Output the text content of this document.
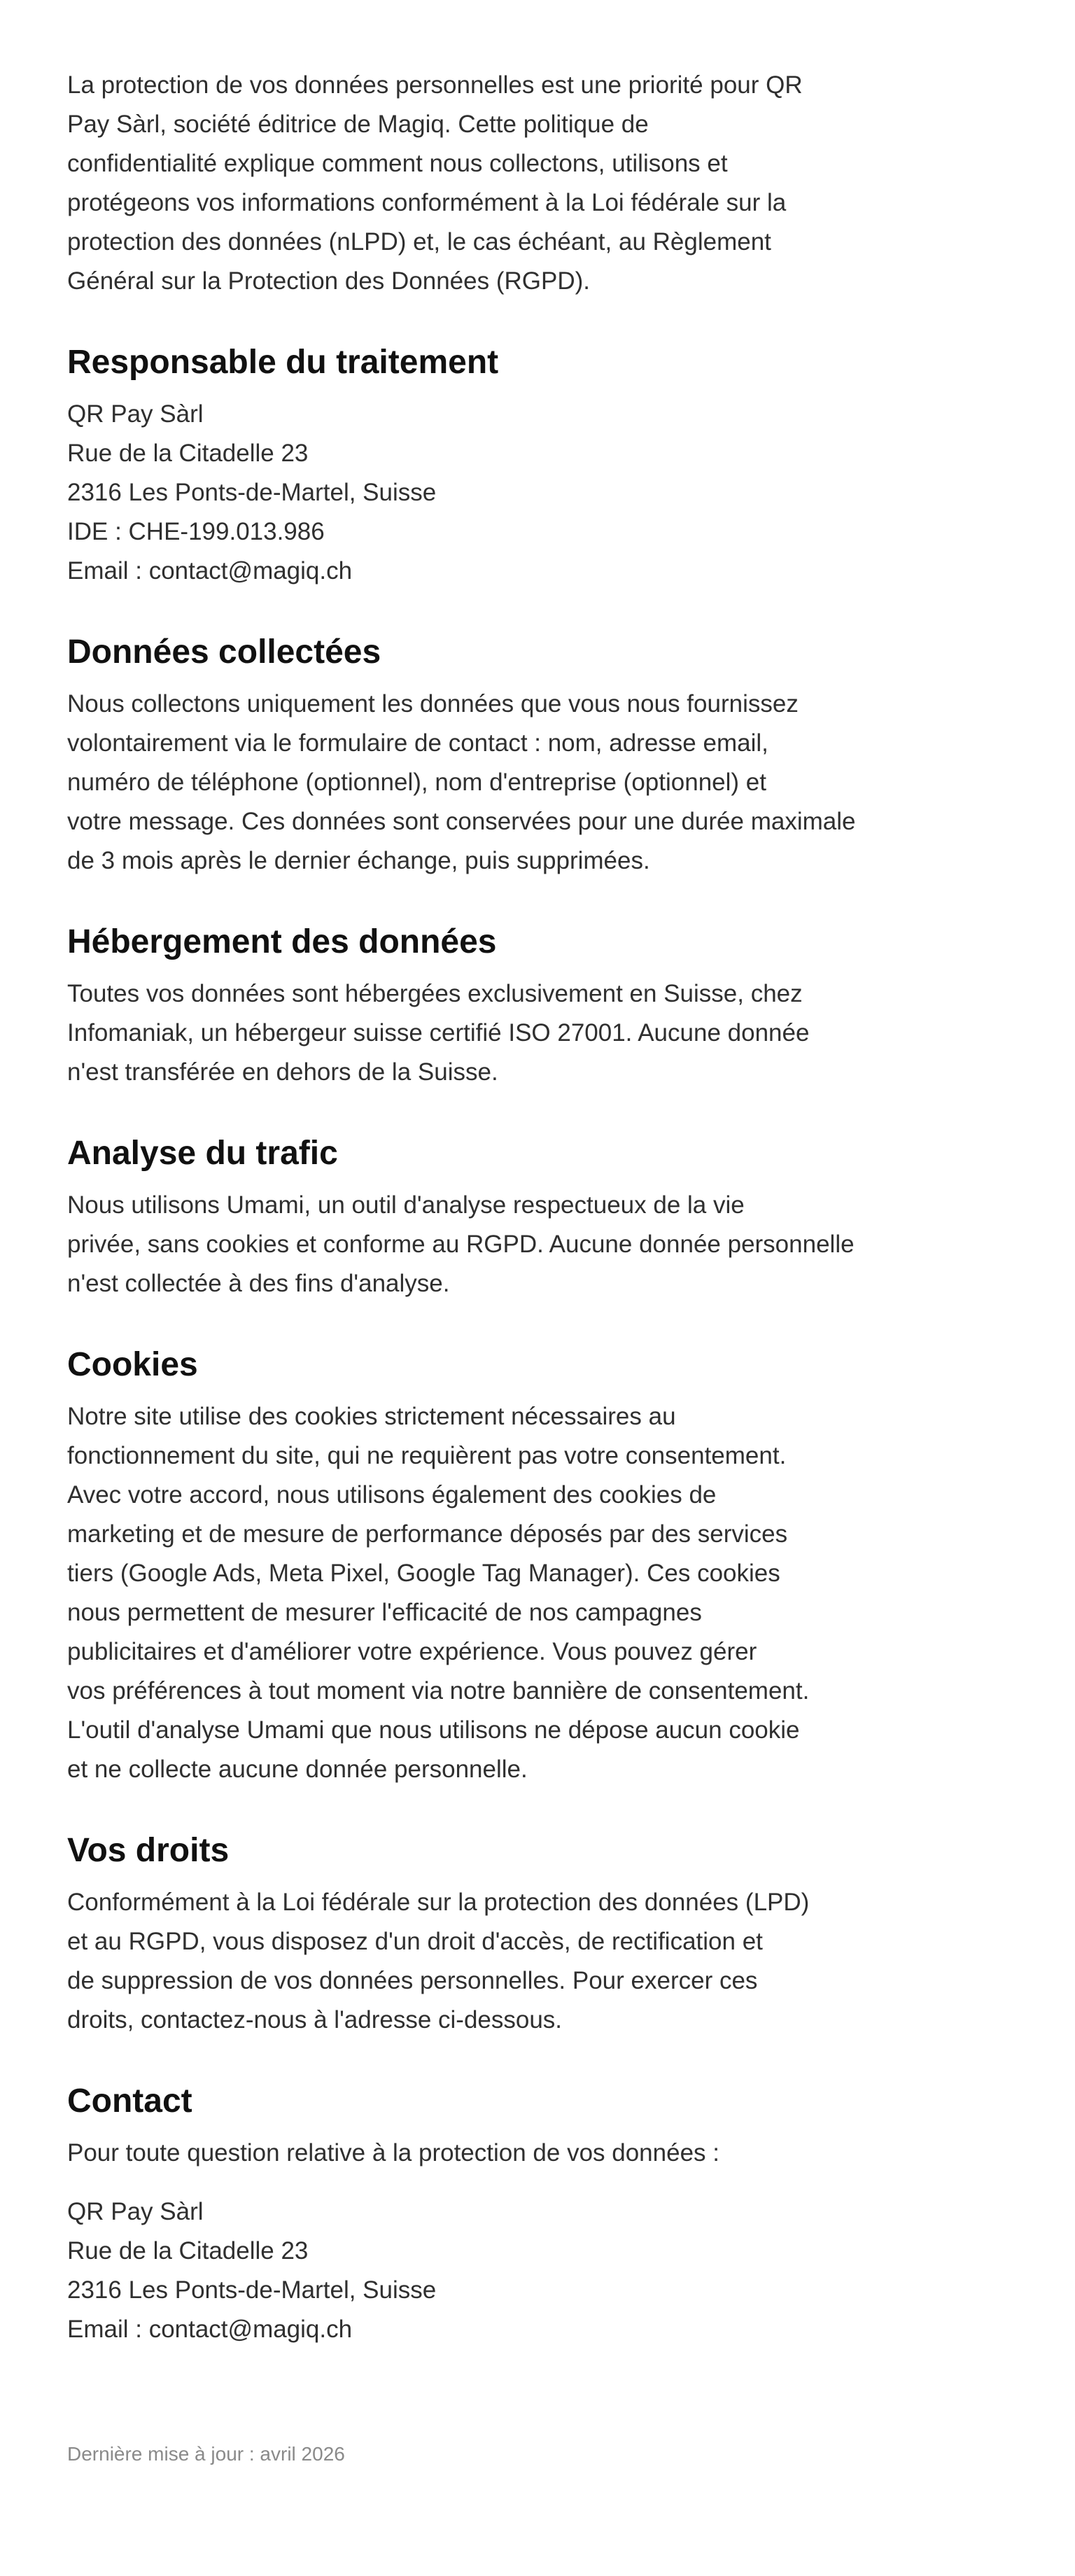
La protection de vos données personnelles est une priorité pour QR
Pay Sàrl, société éditrice de Magiq. Cette politique de
confidentialité explique comment nous collectons, utilisons et
protégeons vos informations conformément à la Loi fédérale sur la
protection des données (nLPD) et, le cas échéant, au Règlement
Général sur la Protection des Données (RGPD).

Responsable du traitement
QR Pay Sàrl
Rue de la Citadelle 23
2316 Les Ponts-de-Martel, Suisse
IDE : CHE-199.013.986
Email : contact@magiq.ch
Données collectées

Nous collectons uniquement les données que vous nous fournissez
volontairement via le formulaire de contact : nom, adresse email,
numéro de téléphone (optionnel), nom d'entreprise (optionnel) et
votre message. Ces données sont conservées pour une durée maximale
de 3 mois après le dernier échange, puis supprimées.

Hébergement des données

Toutes vos données sont hébergées exclusivement en Suisse, chez
Infomaniak, un hébergeur suisse certifié ISO 27001. Aucune donnée
n'est transférée en dehors de la Suisse.

Analyse du trafic

Nous utilisons Umami, un outil d'analyse respectueux de la vie
privée, sans cookies et conforme au RGPD. Aucune donnée personnelle
n'est collectée à des fins d'analyse.

Cookies

Notre site utilise des cookies strictement nécessaires au
fonctionnement du site, qui ne requièrent pas votre consentement.
Avec votre accord, nous utilisons également des cookies de
marketing et de mesure de performance déposés par des services
tiers (Google Ads, Meta Pixel, Google Tag Manager). Ces cookies
nous permettent de mesurer l'efficacité de nos campagnes
publicitaires et d'améliorer votre expérience. Vous pouvez gérer
vos préférences à tout moment via notre bannière de consentement.
L'outil d'analyse Umami que nous utilisons ne dépose aucun cookie
et ne collecte aucune donnée personnelle.

Vos droits

Conformément à la Loi fédérale sur la protection des données (LPD)
et au RGPD, vous disposez d'un droit d'accès, de rectification et
de suppression de vos données personnelles. Pour exercer ces
droits, contactez-nous à l'adresse ci-dessous.

Contact

Pour toute question relative à la protection de vos données :

QR Pay Sàrl
Rue de la Citadelle 23
2316 Les Ponts-de-Martel, Suisse
Email : contact@magiq.ch
Dernière mise à jour : avril 2026
